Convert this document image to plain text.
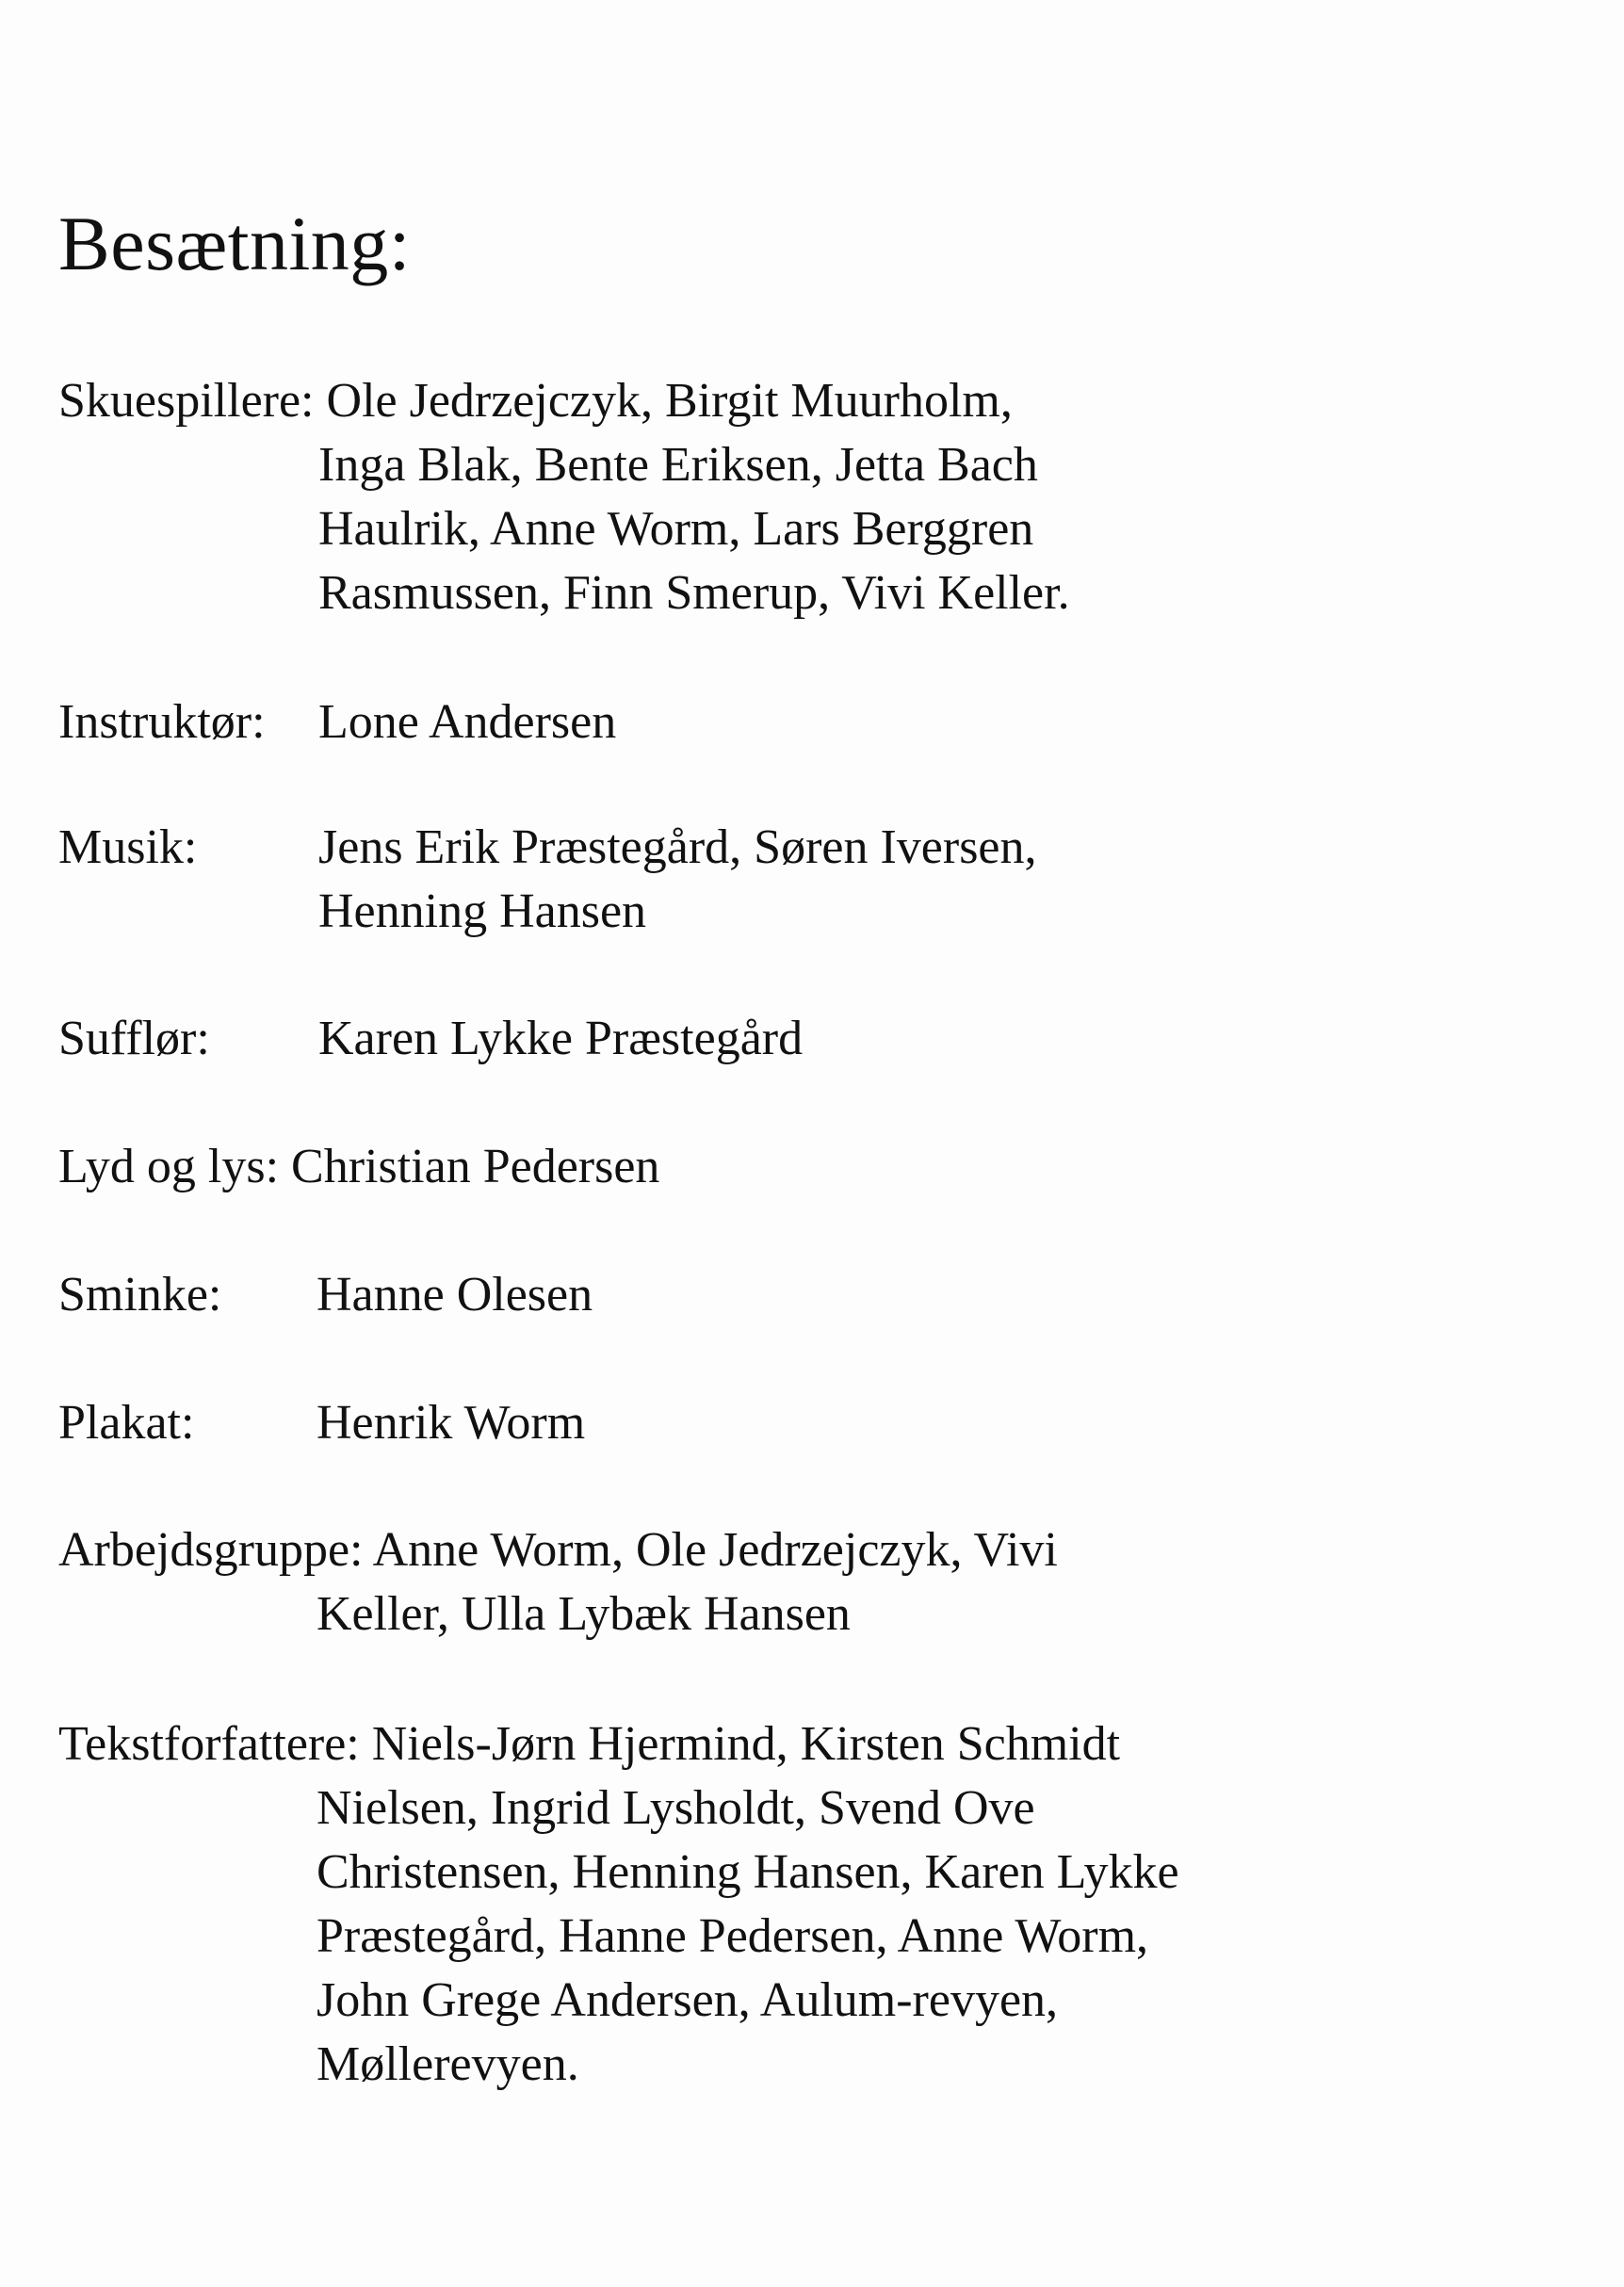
Besætning:
Skuespillere: Ole Jedrzejczyk, Birgit Muurholm,
Inga Blak, Bente Eriksen, Jetta Bach
Haulrik, Anne Worm, Lars Berggren
Rasmussen, Finn Smerup, Vivi Keller.
Instruktør: Lone Andersen
Musik: Jens Erik Præstegård, Søren Iversen,
Henning Hansen
Sufflør: Karen Lykke Præstegård
Lyd og lys: Christian Pedersen
Sminke: Hanne Olesen
Plakat: Henrik Worm
Arbejdsgruppe: Anne Worm, Ole Jedrzejczyk, Vivi
Keller, Ulla Lybæk Hansen
Tekstforfattere: Niels-Jørn Hjermind, Kirsten Schmidt
Nielsen, Ingrid Lysholdt, Svend Ove
Christensen, Henning Hansen, Karen Lykke
Præstegård, Hanne Pedersen, Anne Worm,
John Grege Andersen, Aulum-revyen,
Møllerevyen.
